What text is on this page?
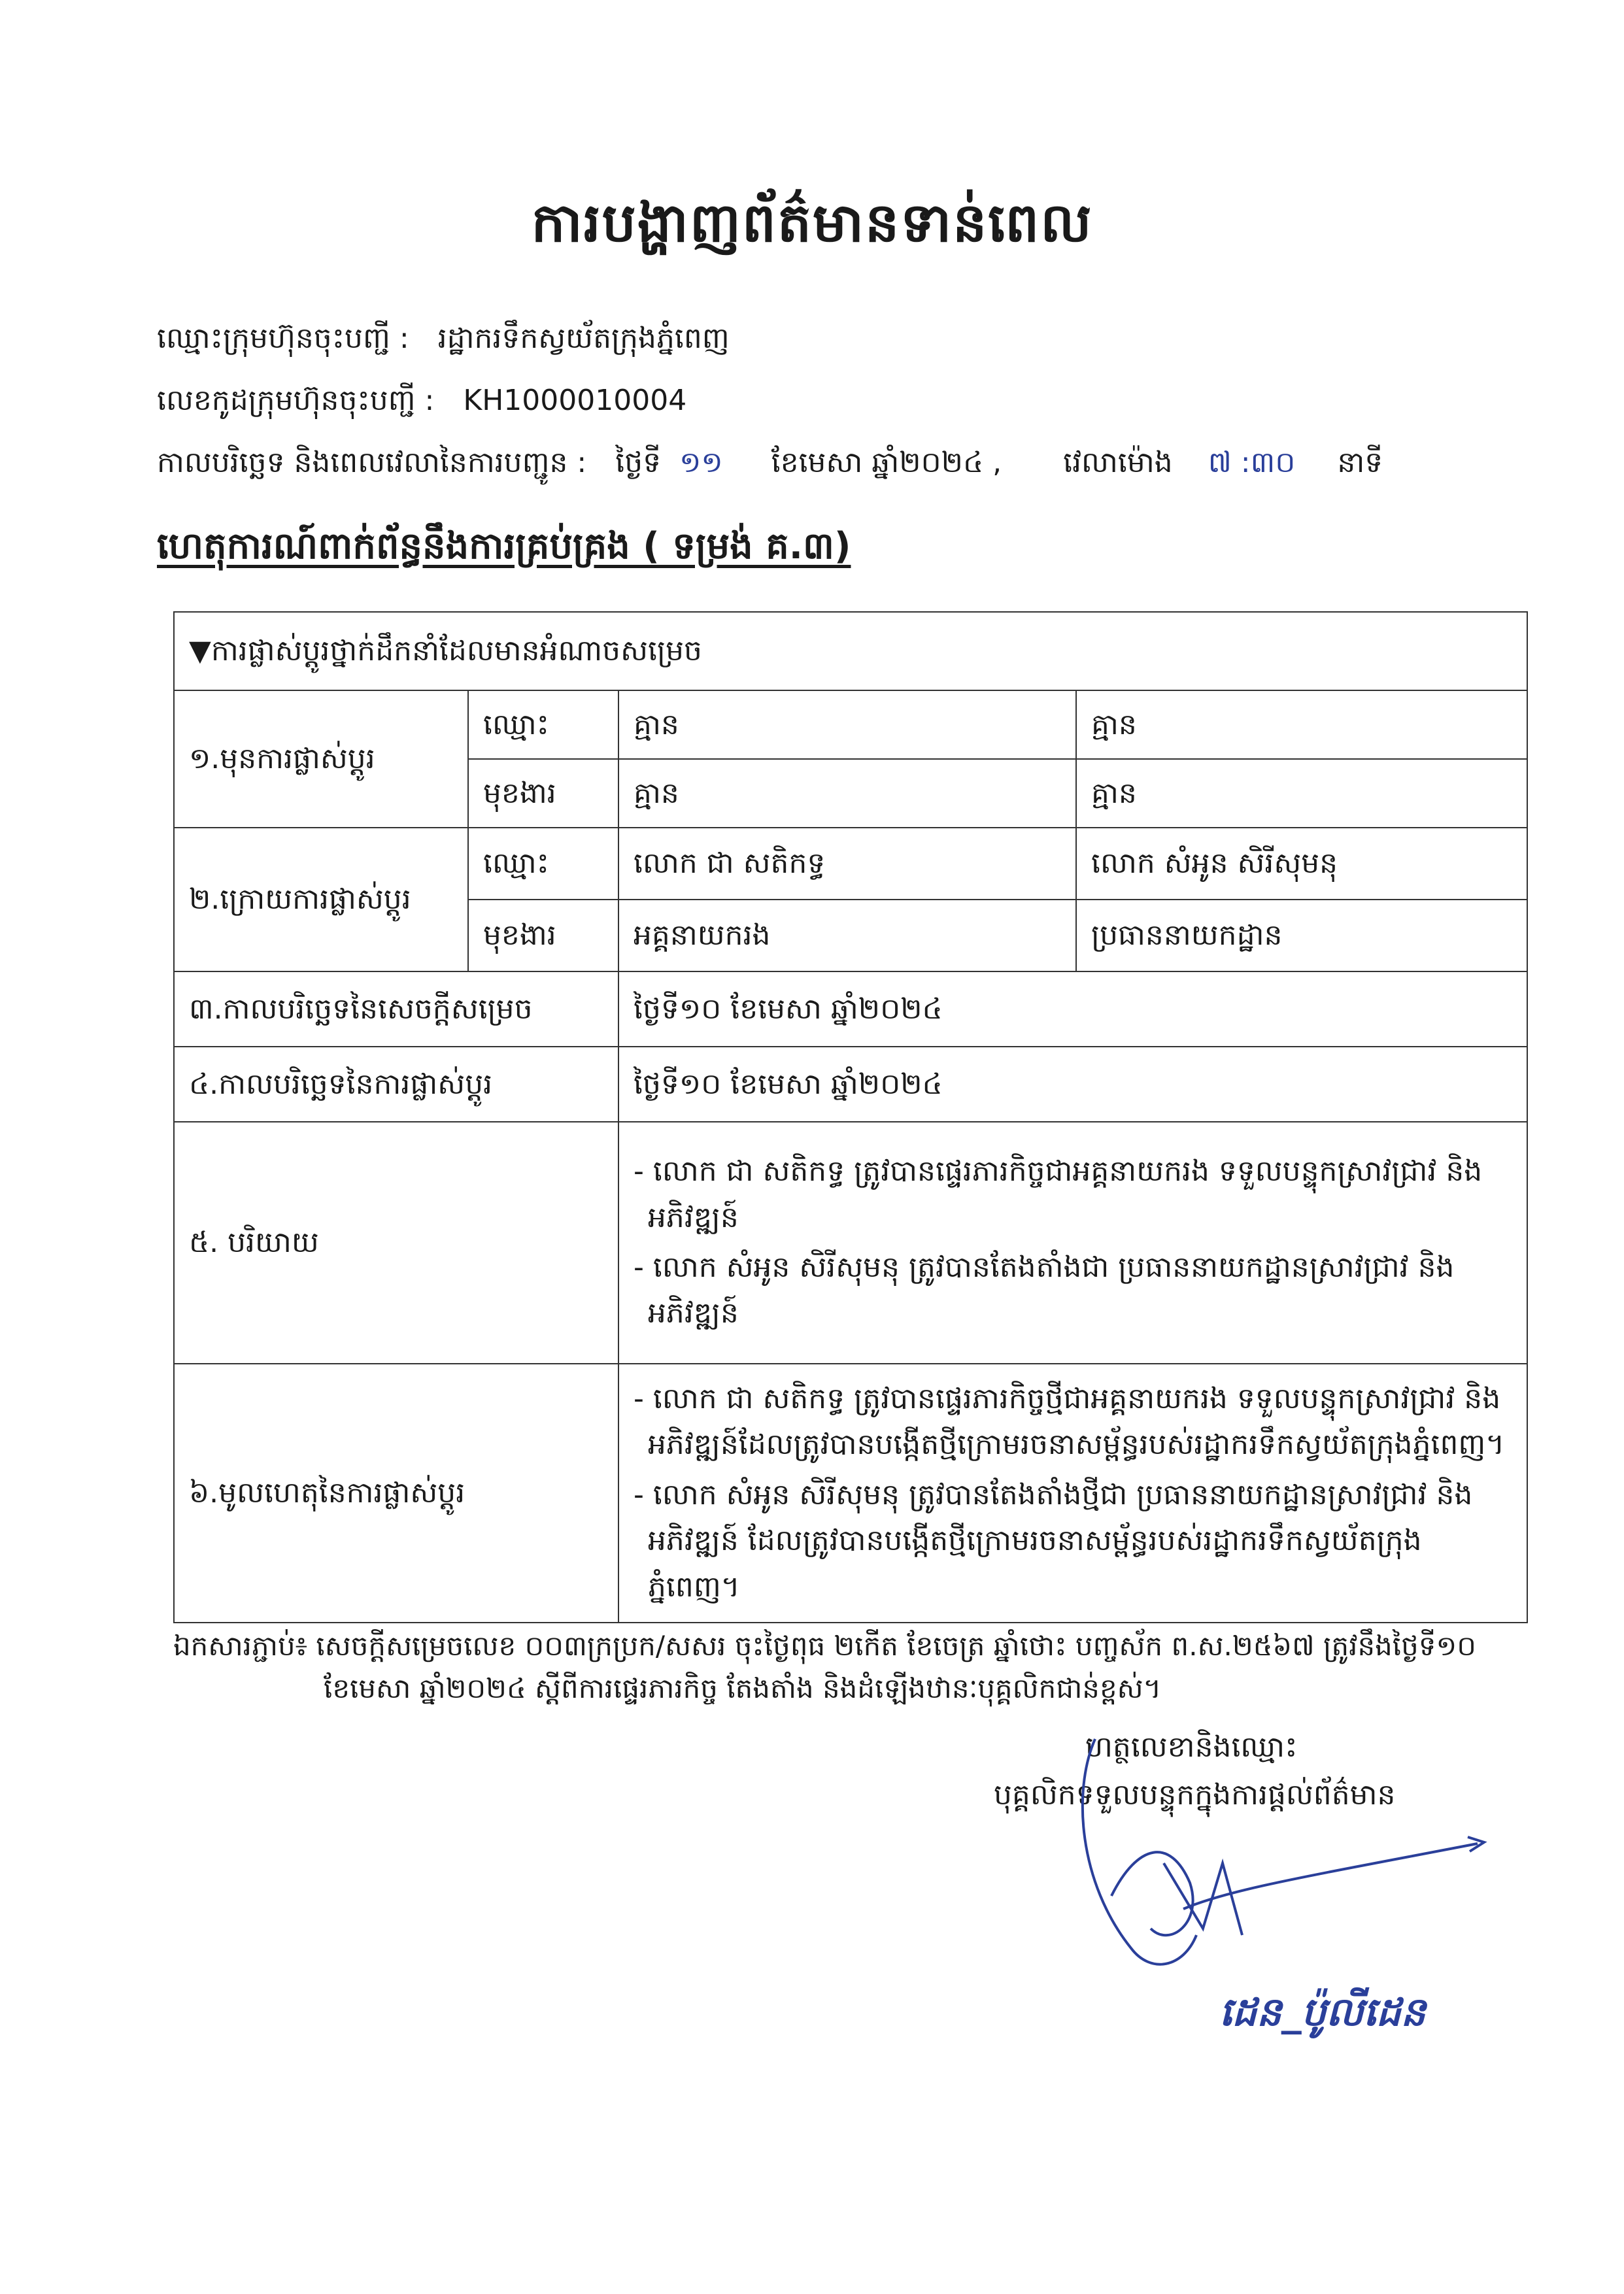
ការបង្ហាញព័ត៌មានទាន់ពេល
ឈ្មោះក្រុមហ៊ុនចុះបញ្ជី : រដ្ឋាករទឹកស្វយ័តក្រុងភ្នំពេញ
លេខកូដក្រុមហ៊ុនចុះបញ្ជី : KH1000010004
កាលបរិច្ឆេទ និងពេលវេលានៃការបញ្ជូន : ថ្ងៃទី ១១ ខែមេសា ឆ្នាំ២០២៤ , វេលាម៉ោង ៧ :៣០ នាទី
ហេតុការណ៍ពាក់ព័ន្ធនឹងការគ្រប់គ្រង ( ទម្រង់ គ.៣)
▼ការផ្លាស់ប្តូរថ្នាក់ដឹកនាំដែលមានអំណាចសម្រេច			
១.មុនការផ្លាស់ប្តូរ	ឈ្មោះ	គ្មាន	គ្មាន
	មុខងារ	គ្មាន	គ្មាន
២.ក្រោយការផ្លាស់ប្តូរ	ឈ្មោះ	លោក ជា សតិកទ្ធ	លោក សំអូន សិរីសុមនុ
	មុខងារ	អគ្គនាយករង	ប្រធាននាយកដ្ឋាន
៣.កាលបរិច្ឆេទនៃសេចក្តីសម្រេច		ថ្ងៃទី១០ ខែមេសា ឆ្នាំ២០២៤	
៤.កាលបរិច្ឆេទនៃការផ្លាស់ប្តូរ		ថ្ងៃទី១០ ខែមេសា ឆ្នាំ២០២៤	
៥. បរិយាយ		- លោក ជា សតិកទ្ធ ត្រូវបានផ្ទេរភារកិច្ចជាអគ្គនាយករង ទទួលបន្ទុកស្រាវជ្រាវ និង អភិវឌ្ឍន៍
- លោក សំអូន សិរីសុមនុ ត្រូវបានតែងតាំងជា ប្រធាននាយកដ្ឋានស្រាវជ្រាវ និង អភិវឌ្ឍន៍	

៦.មូលហេតុនៃការផ្លាស់ប្តូរ		- លោក ជា សតិកទ្ធ ត្រូវបានផ្ទេរភារកិច្ចថ្មីជាអគ្គនាយករង ទទួលបន្ទុកស្រាវជ្រាវ និងអភិវឌ្ឍន៍ដែលត្រូវបានបង្កើតថ្មីក្រោមរចនាសម្ព័ន្ធរបស់រដ្ឋាករទឹកស្វយ័តក្រុងភ្នំពេញ។
- លោក សំអូន សិរីសុមនុ ត្រូវបានតែងតាំងថ្មីជា ប្រធាននាយកដ្ឋានស្រាវជ្រាវ និង អភិវឌ្ឍន៍ ដែលត្រូវបានបង្កើតថ្មីក្រោមរចនាសម្ព័ន្ធរបស់រដ្ឋាករទឹកស្វយ័តក្រុងភ្នំពេញ។	
ឯកសារភ្ជាប់៖ សេចក្តីសម្រេចលេខ ០០៣ក្រប្រក/សសរ ចុះថ្ងៃពុធ ២កើត ខែចេត្រ ឆ្នាំថោះ បញ្ចស័ក ព.ស.២៥៦៧ ត្រូវនឹងថ្ងៃទី១០
ខែមេសា ឆ្នាំ២០២៤ ស្តីពីការផ្ទេរភារកិច្ច តែងតាំង និងដំឡើងឋានៈបុគ្គលិកជាន់ខ្ពស់។
ហត្ថលេខានិងឈ្មោះ
បុគ្គលិកទទួលបន្ទុកក្នុងការផ្តល់ព័ត៌មាន
ដេន_ប៉ូលីដេន
